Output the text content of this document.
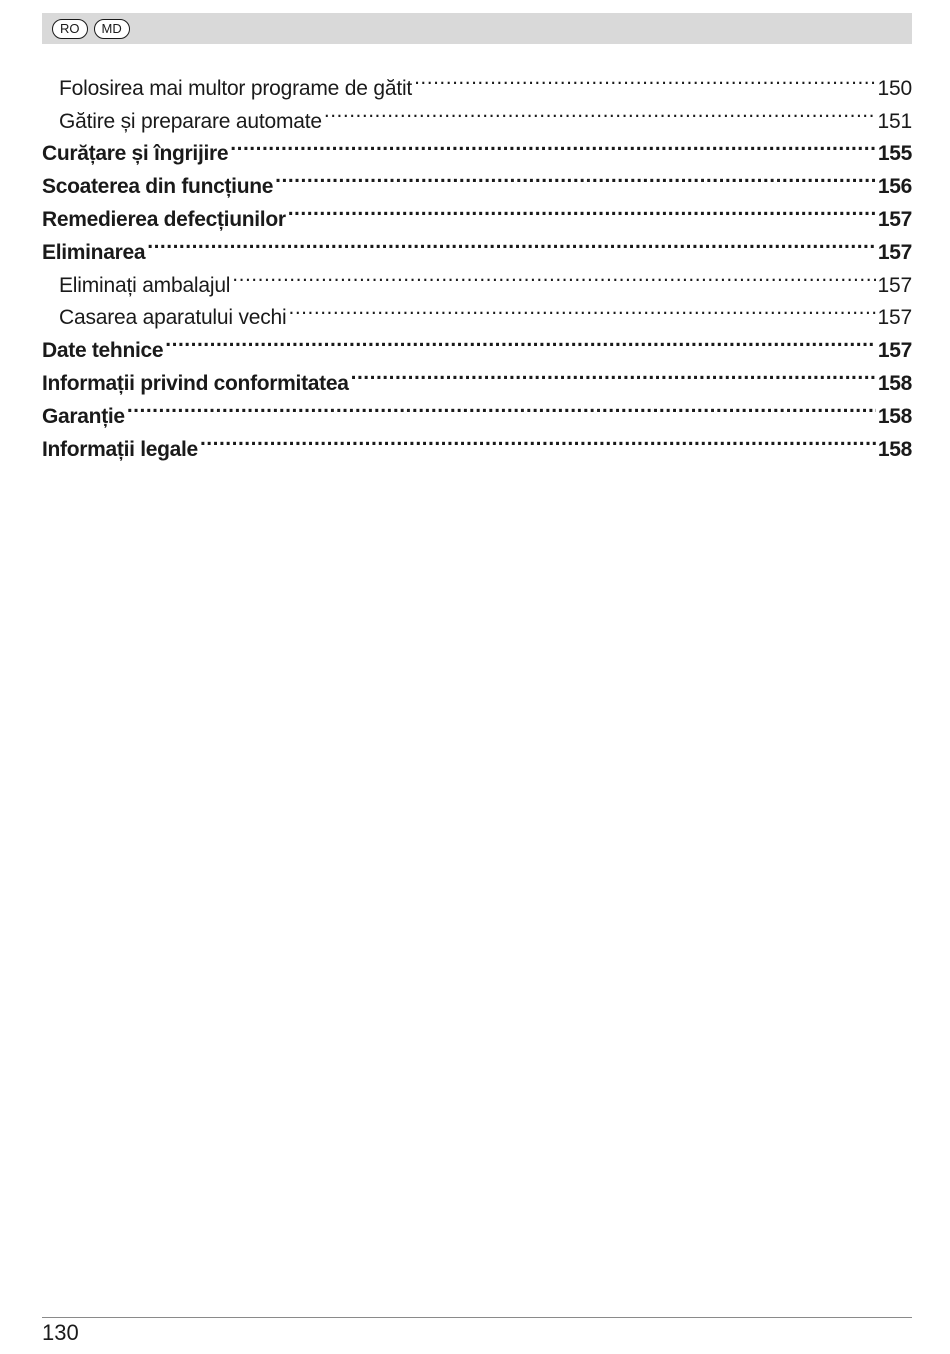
RO	MD
Folosirea mai multor programe de gătit .....	150
Gătire și preparare automate .....	151
Curățare și îngrijire .....	155
Scoaterea din funcțiune .....	156
Remedierea defecțiunilor .....	157
Eliminarea .....	157
Eliminați ambalajul .....	157
Casarea aparatului vechi .....	157
Date tehnice .....	157
Informații privind conformitatea .....	158
Garanție .....	158
Informații legale .....	158
130
